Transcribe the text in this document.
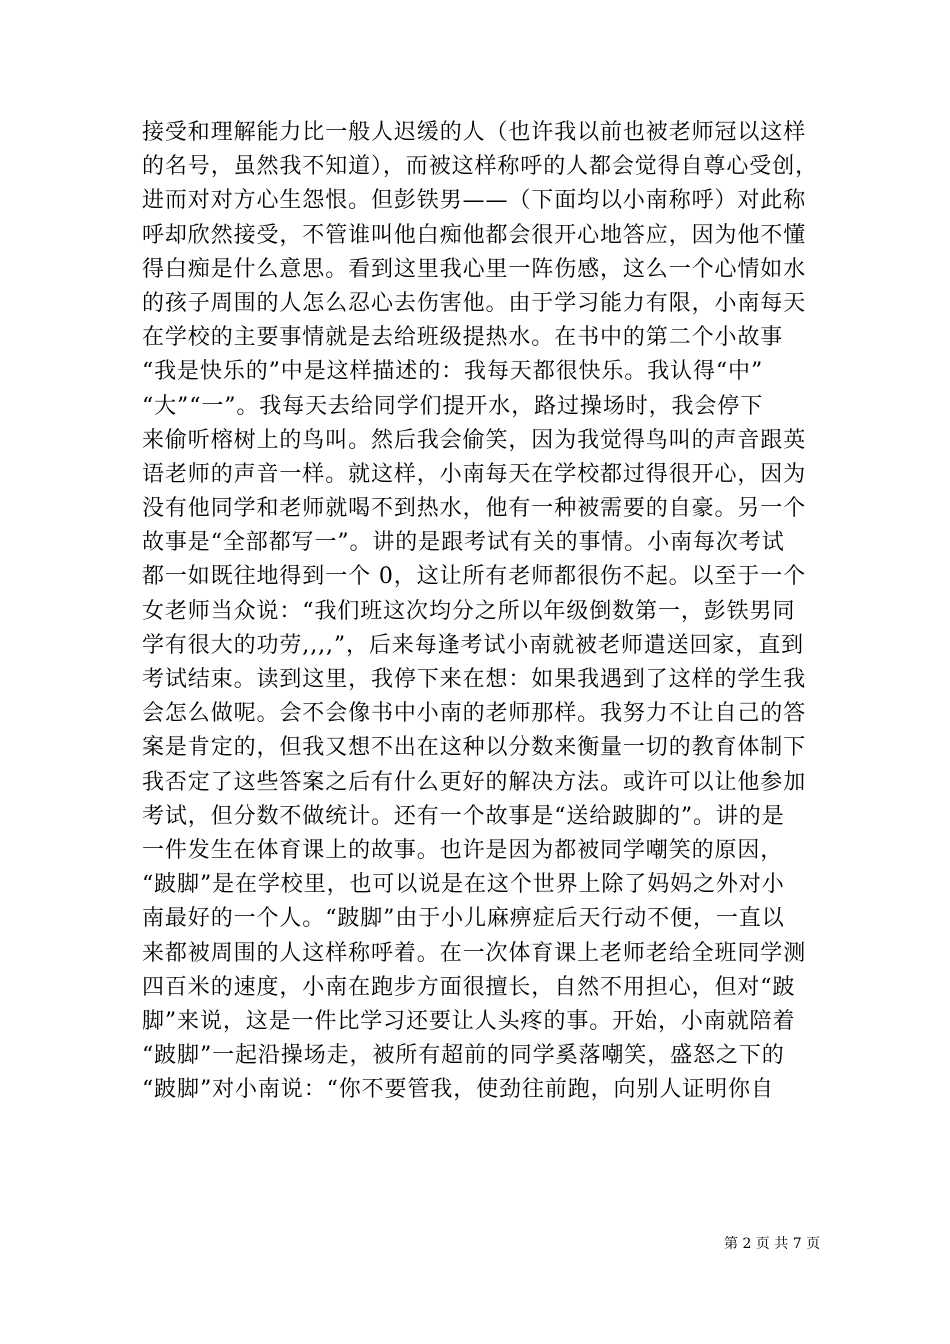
接受和理解能力比一般人迟缓的人（也许我以前也被老师冠以这样
的名号，虽然我不知道），而被这样称呼的人都会觉得自尊心受创，
进而对对方心生怨恨。但彭铁男——（下面均以小南称呼）对此称
呼却欣然接受，不管谁叫他白痴他都会很开心地答应，因为他不懂
得白痴是什么意思。看到这里我心里一阵伤感，这么一个心情如水
的孩子周围的人怎么忍心去伤害他。由于学习能力有限，小南每天
在学校的主要事情就是去给班级提热水。在书中的第二个小故事
“我是快乐的”中是这样描述的：我每天都很快乐。我认得“中”
“大”“一”。我每天去给同学们提开水，路过操场时，我会停下
来偷听榕树上的鸟叫。然后我会偷笑，因为我觉得鸟叫的声音跟英
语老师的声音一样。就这样，小南每天在学校都过得很开心，因为
没有他同学和老师就喝不到热水，他有一种被需要的自豪。另一个
故事是“全部都写一”。讲的是跟考试有关的事情。小南每次考试
都一如既往地得到一个 0，这让所有老师都很伤不起。以至于一个
女老师当众说：“我们班这次均分之所以年级倒数第一，彭铁男同
学有很大的功劳,,,,”，后来每逢考试小南就被老师遣送回家，直到
考试结束。读到这里，我停下来在想：如果我遇到了这样的学生我
会怎么做呢。会不会像书中小南的老师那样。我努力不让自己的答
案是肯定的，但我又想不出在这种以分数来衡量一切的教育体制下
我否定了这些答案之后有什么更好的解决方法。或许可以让他参加
考试，但分数不做统计。还有一个故事是“送给跛脚的”。讲的是
一件发生在体育课上的故事。也许是因为都被同学嘲笑的原因，
“跛脚”是在学校里，也可以说是在这个世界上除了妈妈之外对小
南最好的一个人。“跛脚”由于小儿麻痹症后天行动不便，一直以
来都被周围的人这样称呼着。在一次体育课上老师老给全班同学测
四百米的速度，小南在跑步方面很擅长，自然不用担心，但对“跛
脚”来说，这是一件比学习还要让人头疼的事。开始，小南就陪着
“跛脚”一起沿操场走，被所有超前的同学奚落嘲笑，盛怒之下的
“跛脚”对小南说：“你不要管我，使劲往前跑，向别人证明你自
第 2 页 共 7 页
